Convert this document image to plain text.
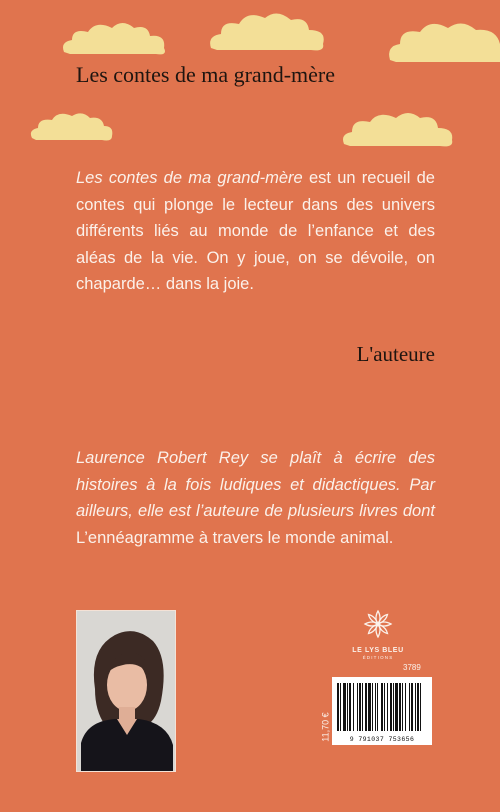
Les contes de ma grand-mère

Les contes de ma grand-mère est un recueil de contes qui plonge le lecteur dans des univers différents liés au monde de l’enfance et des aléas de la vie. On y joue, on se dévoile, on chaparde… dans la joie.

L'auteure

Laurence Robert Rey se plaît à écrire des histoires à la fois ludiques et didactiques. Par ailleurs, elle est l’auteure de plusieurs livres dont L’ennéagramme à travers le monde animal.

LE LYS BLEU
ÉDITIONS
3789
11,70 €	9 791037 753656
